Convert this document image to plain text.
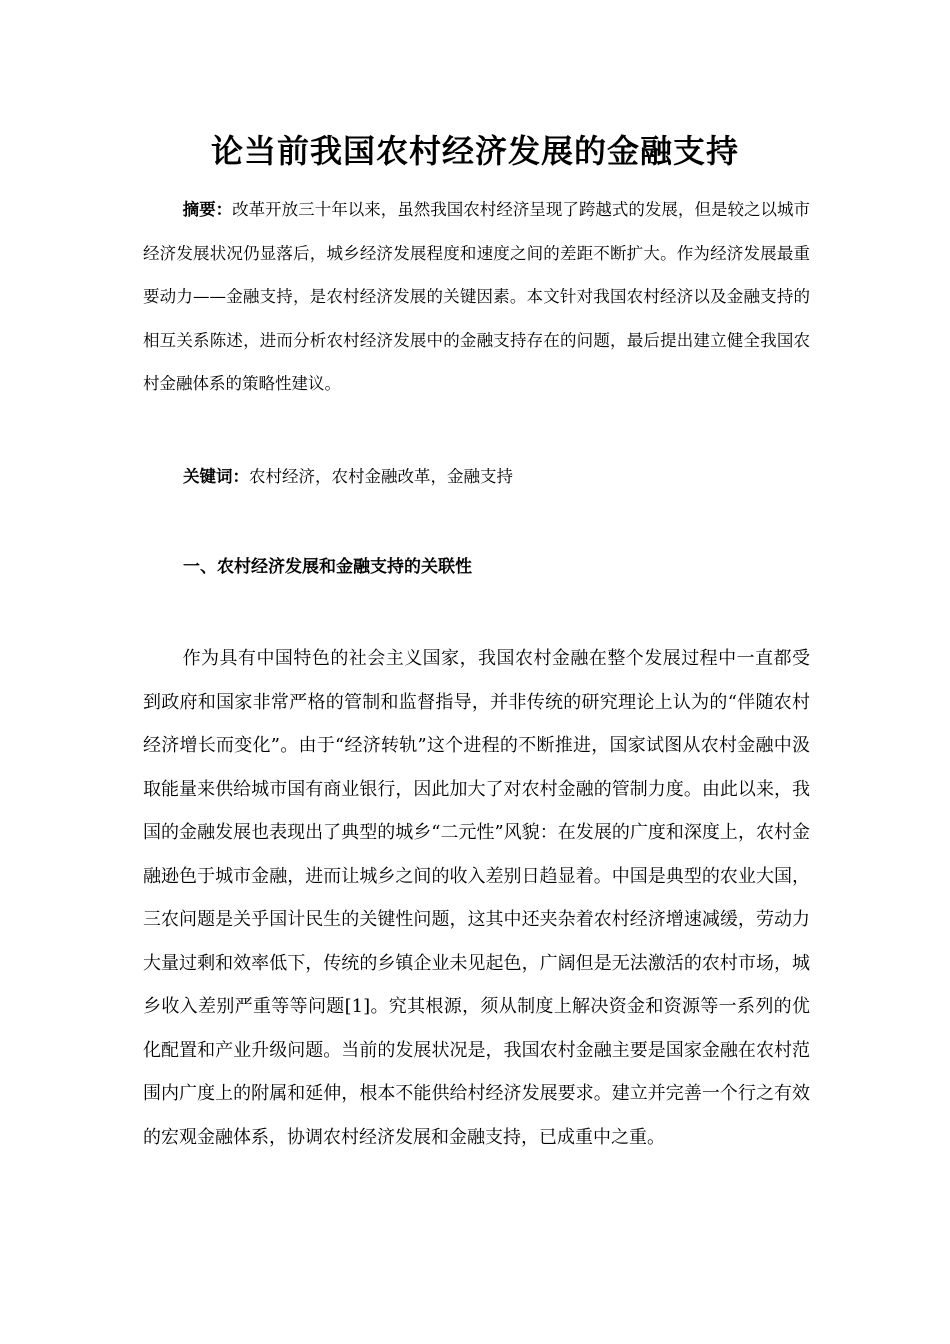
论当前我国农村经济发展的金融支持

摘要：改革开放三十年以来，虽然我国农村经济呈现了跨越式的发展，但是较之以城市经济发展状况仍显落后，城乡经济发展程度和速度之间的差距不断扩大。作为经济发展最重要动力——金融支持，是农村经济发展的关键因素。本文针对我国农村经济以及金融支持的相互关系陈述，进而分析农村经济发展中的金融支持存在的问题，最后提出建立健全我国农村金融体系的策略性建议。

关键词：农村经济，农村金融改革，金融支持

一、农村经济发展和金融支持的关联性

作为具有中国特色的社会主义国家，我国农村金融在整个发展过程中一直都受到政府和国家非常严格的管制和监督指导，并非传统的研究理论上认为的“伴随农村经济增长而变化”。由于“经济转轨”这个进程的不断推进，国家试图从农村金融中汲取能量来供给城市国有商业银行，因此加大了对农村金融的管制力度。由此以来，我国的金融发展也表现出了典型的城乡“二元性”风貌：在发展的广度和深度上，农村金融逊色于城市金融，进而让城乡之间的收入差别日趋显着。中国是典型的农业大国，三农问题是关乎国计民生的关键性问题，这其中还夹杂着农村经济增速减缓，劳动力大量过剩和效率低下，传统的乡镇企业未见起色，广阔但是无法激活的农村市场，城乡收入差别严重等等问题[1]。究其根源，须从制度上解决资金和资源等一系列的优化配置和产业升级问题。当前的发展状况是，我国农村金融主要是国家金融在农村范围内广度上的附属和延伸，根本不能供给村经济发展要求。建立并完善一个行之有效的宏观金融体系，协调农村经济发展和金融支持，已成重中之重。
